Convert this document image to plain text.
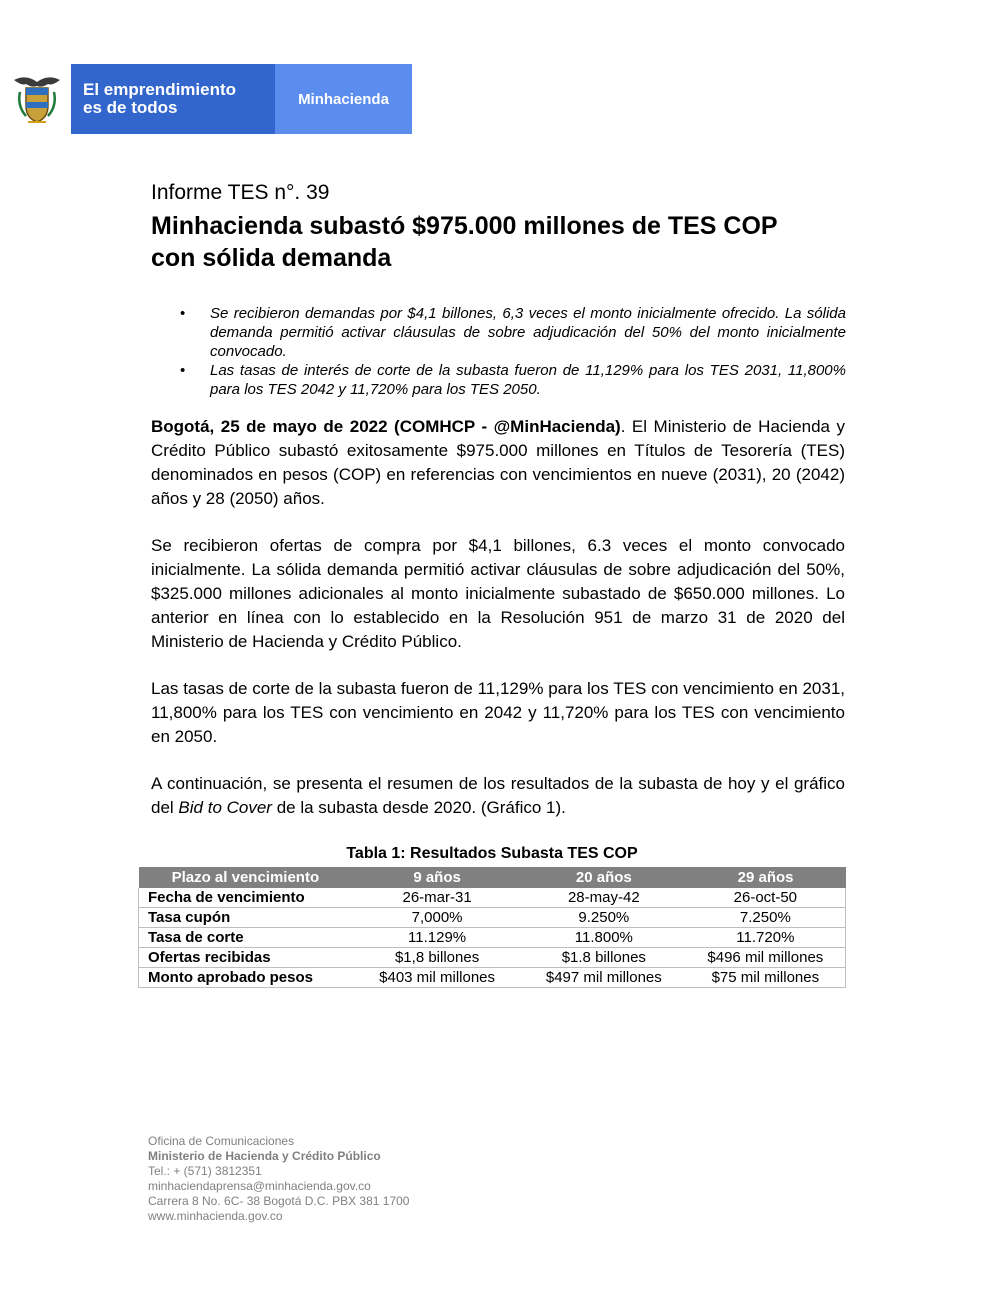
El emprendimiento
es de todos	Minhacienda
Informe TES n°. 39
Minhacienda subastó $975.000 millones de TES COP
con sólida demanda
• Se recibieron demandas por $4,1 billones, 6,3 veces el monto inicialmente ofrecido. La sólida demanda permitió activar cláusulas de sobre adjudicación del 50% del monto inicialmente convocado.
• Las tasas de interés de corte de la subasta fueron de 11,129% para los TES 2031, 11,800% para los TES 2042 y 11,720% para los TES 2050.

Bogotá, 25 de mayo de 2022 (COMHCP - @MinHacienda). El Ministerio de Hacienda y Crédito Público subastó exitosamente $975.000 millones en Títulos de Tesorería (TES) denominados en pesos (COP) en referencias con vencimientos en nueve (2031), 20 (2042) años y 28 (2050) años.

Se recibieron ofertas de compra por $4,1 billones, 6.3 veces el monto convocado inicialmente. La sólida demanda permitió activar cláusulas de sobre adjudicación del 50%, $325.000 millones adicionales al monto inicialmente subastado de $650.000 millones. Lo anterior en línea con lo establecido en la Resolución 951 de marzo 31 de 2020 del Ministerio de Hacienda y Crédito Público.

Las tasas de corte de la subasta fueron de 11,129% para los TES con vencimiento en 2031, 11,800% para los TES con vencimiento en 2042 y 11,720% para los TES con vencimiento en 2050.

A continuación, se presenta el resumen de los resultados de la subasta de hoy y el gráfico del Bid to Cover de la subasta desde 2020. (Gráfico 1).

Tabla 1: Resultados Subasta TES COP
Plazo al vencimiento	9 años	20 años	29 años
Fecha de vencimiento	26-mar-31	28-may-42	26-oct-50
Tasa cupón	7,000%	9.250%	7.250%
Tasa de corte	11.129%	11.800%	11.720%
Ofertas recibidas	$1,8 billones	$1.8 billones	$496 mil millones
Monto aprobado pesos	$403 mil millones	$497 mil millones	$75 mil millones
Oficina de Comunicaciones
Ministerio de Hacienda y Crédito Público
Tel.: + (571) 3812351
minhaciendaprensa@minhacienda.gov.co
Carrera 8 No. 6C- 38 Bogotá D.C. PBX 381 1700
www.minhacienda.gov.co
